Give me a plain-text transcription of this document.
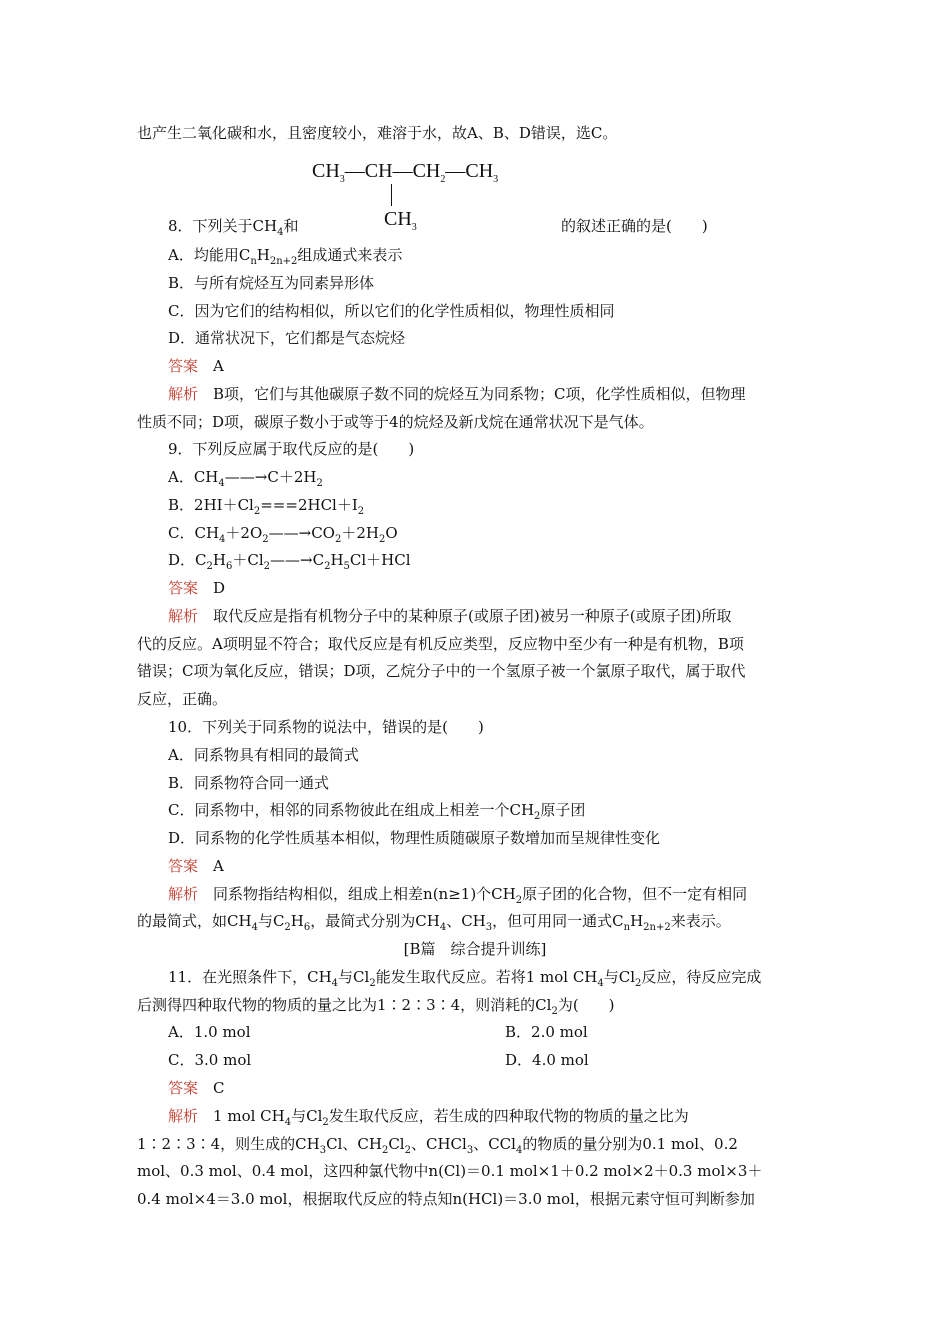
也产生二氧化碳和水，且密度较小，难溶于水，故A、B、D错误，选C。
$CH_3—CH—CH_2—CH_3$
$CH_3$
8．下列关于$CH_4$和	的叙述正确的是(　　)
A．均能用$C_nH_{2n+2}$组成通式来表示
B．与所有烷烃互为同素异形体
C．因为它们的结构相似，所以它们的化学性质相似，物理性质相同
D．通常状况下，它们都是气态烷烃
答案　 A
解析　 B项，它们与其他碳原子数不同的烷烃互为同系物；C项，化学性质相似，但物理
性质不同；D项，碳原子数小于或等于4的烷烃及新戊烷在通常状况下是气体。
9．下列反应属于取代反应的是(　　)
A．$CH_4——\to C+2H_2$
B．$2HI+Cl_2===2HCl+I_2$
C．$CH_4+2O_2——\to CO_2+2H_2O$
D．$C_2H_6+Cl_2——\to C_2H_5Cl+HCl$
答案　 D
解析　 取代反应是指有机物分子中的某种原子(或原子团)被另一种原子(或原子团)所取
代的反应。A项明显不符合；取代反应是有机反应类型，反应物中至少有一种是有机物，B项
错误；C项为氧化反应，错误；D项，乙烷分子中的一个氢原子被一个氯原子取代，属于取代
反应，正确。
10．下列关于同系物的说法中，错误的是(　　)
A．同系物具有相同的最简式
B．同系物符合同一通式
C．同系物中，相邻的同系物彼此在组成上相差一个$CH_2$原子团
D．同系物的化学性质基本相似，物理性质随碳原子数增加而呈规律性变化
答案　 A
解析　 同系物指结构相似，组成上相差n(n≥1)个$CH_2$原子团的化合物，但不一定有相同
的最简式，如$CH_4$与$C_2H_6$，最简式分别为$CH_4$、$CH_3$，但可用同一通式$C_nH_{2n+2}$来表示。
[B篇　综合提升训练]
11．在光照条件下，$CH_4$与$Cl_2$能发生取代反应。若将1 mol $CH_4$与$Cl_2$反应，待反应完成
后测得四种取代物的物质的量之比为1∶2∶3∶4，则消耗的$Cl_2$为(　　)
A．1.0 mol	B．2.0 mol
C．3.0 mol	D．4.0 mol
答案　 C
解析　 1 mol $CH_4$与$Cl_2$发生取代反应，若生成的四种取代物的物质的量之比为
1∶2∶3∶4，则生成的$CH_3Cl$、$CH_2Cl_2$、CHCl$_3$、CCl$_4$的物质的量分别为0.1 mol、0.2
mol、0.3 mol、0.4 mol，这四种氯代物中n(Cl)＝0.1 mol×1＋0.2 mol×2＋0.3 mol×3＋
0.4 mol×4＝3.0 mol，根据取代反应的特点知n(HCl)＝3.0 mol，根据元素守恒可判断参加
